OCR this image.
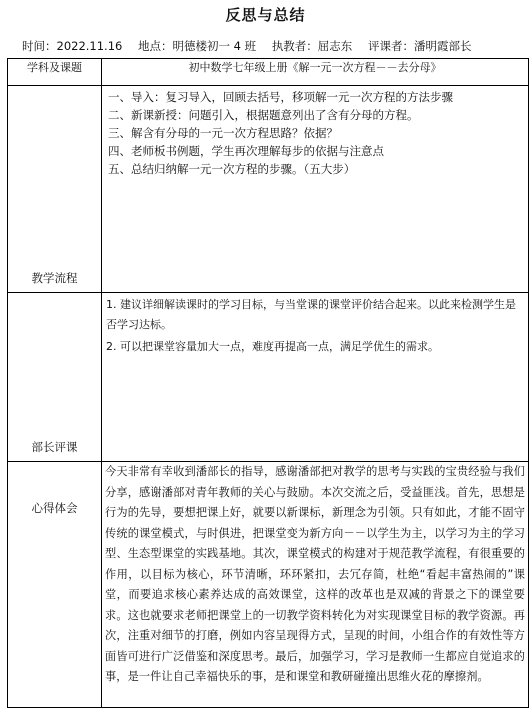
反思与总结
时间：2022.11.16 地点：明德楼初一 4 班 执教者：屈志东 评课者：潘明霞部长
学科及课题	初中数学七年级上册《解一元一次方程－－去分母》

教学流程	一、导入：复习导入，回顾去括号，移项解一元一次方程的方法步骤
二、新课新授：问题引入，根据题意列出了含有分母的方程。
三、解含有分母的一元一次方程思路？依据？
四、老师板书例题，学生再次理解每步的依据与注意点
五、总结归纳解一元一次方程的步骤。（五大步）

部长评课	1. 建议详细解读课时的学习目标，与当堂课的课堂评价结合起来。以此来检测学生是否学习达标。
2. 可以把课堂容量加大一点，难度再提高一点，满足学优生的需求。

心得体会	今天非常有幸收到潘部长的指导，感谢潘部把对教学的思考与实践的宝贵经验与我们分享，感谢潘部对青年教师的关心与鼓励。本次交流之后，受益匪浅。首先，思想是行为的先导，要想把课上好，就要以新课标，新理念为引领。只有如此，才能不固守传统的课堂模式，与时俱进，把课堂变为新方向－－以学生为主，以学习为主的学习型、生态型课堂的实践基地。其次，课堂模式的构建对于规范教学流程，有很重要的作用，以目标为核心，环节清晰，环环紧扣，去冗存简，杜绝“看起丰富热闹的”课堂，而要追求核心素养达成的高效课堂，这样的改革也是双减的背景之下的课堂要求。这也就要求老师把课堂上的一切教学资料转化为对实现课堂目标的教学资源。再次，注重对细节的打磨，例如内容呈现得方式，呈现的时间，小组合作的有效性等方面皆可进行广泛借鉴和深度思考。最后，加强学习，学习是教师一生都应自觉追求的事，是一件让自己幸福快乐的事，是和课堂和教研碰撞出思维火花的摩擦剂。
